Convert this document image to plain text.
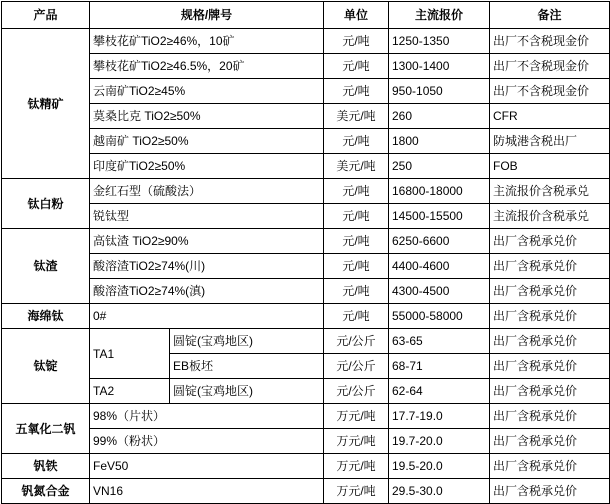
产品	规格/牌号		单位	主流报价	备注
钛精矿	攀枝花矿TiO2≥46%，10矿		元/吨	1250-1350	出厂不含税现金价
	攀枝花矿TiO2≥46.5%，20矿		元/吨	1300-1400	出厂不含税现金价
	云南矿TiO2≥45%		元/吨	950-1050	出厂不含税现金价
	莫桑比克 TiO2≥50%		美元/吨	260	CFR
	越南矿 TiO2≥50%		元/吨	1800	防城港含税出厂
	印度矿TiO2≥50%		美元/吨	250	FOB
钛白粉	金红石型（硫酸法）		元/吨	16800-18000	主流报价含税承兑
	锐钛型		元/吨	14500-15500	主流报价含税承兑
钛渣	高钛渣 TiO2≥90%		元/吨	6250-6600	出厂含税承兑价
	酸溶渣TiO2≥74%(川)		元/吨	4400-4600	出厂含税承兑价
	酸溶渣TiO2≥74%(滇)		元/吨	4300-4500	出厂含税承兑价
海绵钛	0#		元/吨	55000-58000	出厂含税承兑价
钛锭	TA1	圆锭(宝鸡地区)	元/公斤	63-65	出厂含税承兑价
		EB板坯	元/公斤	68-71	出厂含税承兑价
	TA2	圆锭(宝鸡地区)	元/公斤	62-64	出厂含税承兑价
五氧化二钒	98%（片状）		万元/吨	17.7-19.0	出厂含税承兑价
	99%（粉状）		万元/吨	19.7-20.0	出厂含税承兑价
钒铁	FeV50		万元/吨	19.5-20.0	出厂含税承兑价
钒氮合金	VN16		万元/吨	29.5-30.0	出厂含税承兑价
